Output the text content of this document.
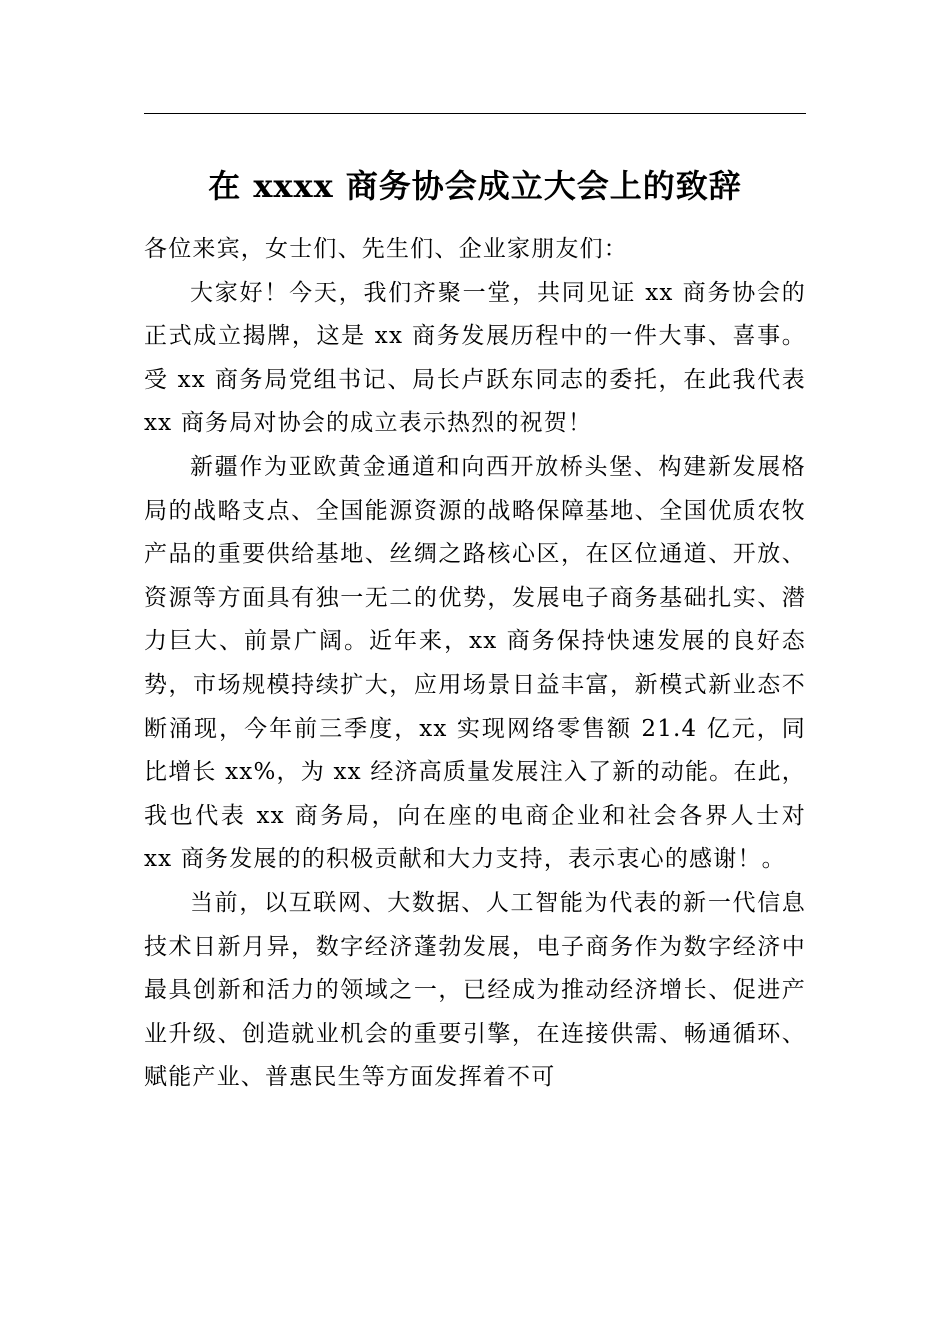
在 xxxx 商务协会成立大会上的致辞

各位来宾，女士们、先生们、企业家朋友们：

大家好！今天，我们齐聚一堂，共同见证 xx 商务协会的正式成立揭牌，这是 xx 商务发展历程中的一件大事、喜事。受 xx 商务局党组书记、局长卢跃东同志的委托，在此我代表 xx 商务局对协会的成立表示热烈的祝贺！

新疆作为亚欧黄金通道和向西开放桥头堡、构建新发展格局的战略支点、全国能源资源的战略保障基地、全国优质农牧产品的重要供给基地、丝绸之路核心区，在区位通道、开放、资源等方面具有独一无二的优势，发展电子商务基础扎实、潜力巨大、前景广阔。近年来，xx 商务保持快速发展的良好态势，市场规模持续扩大，应用场景日益丰富，新模式新业态不断涌现，今年前三季度，xx 实现网络零售额 21.4 亿元，同比增长 xx%，为 xx 经济高质量发展注入了新的动能。在此，我也代表 xx 商务局，向在座的电商企业和社会各界人士对 xx 商务发展的的积极贡献和大力支持，表示衷心的感谢！。

当前，以互联网、大数据、人工智能为代表的新一代信息技术日新月异，数字经济蓬勃发展，电子商务作为数字经济中最具创新和活力的领域之一，已经成为推动经济增长、促进产业升级、创造就业机会的重要引擎，在连接供需、畅通循环、赋能产业、普惠民生等方面发挥着不可
